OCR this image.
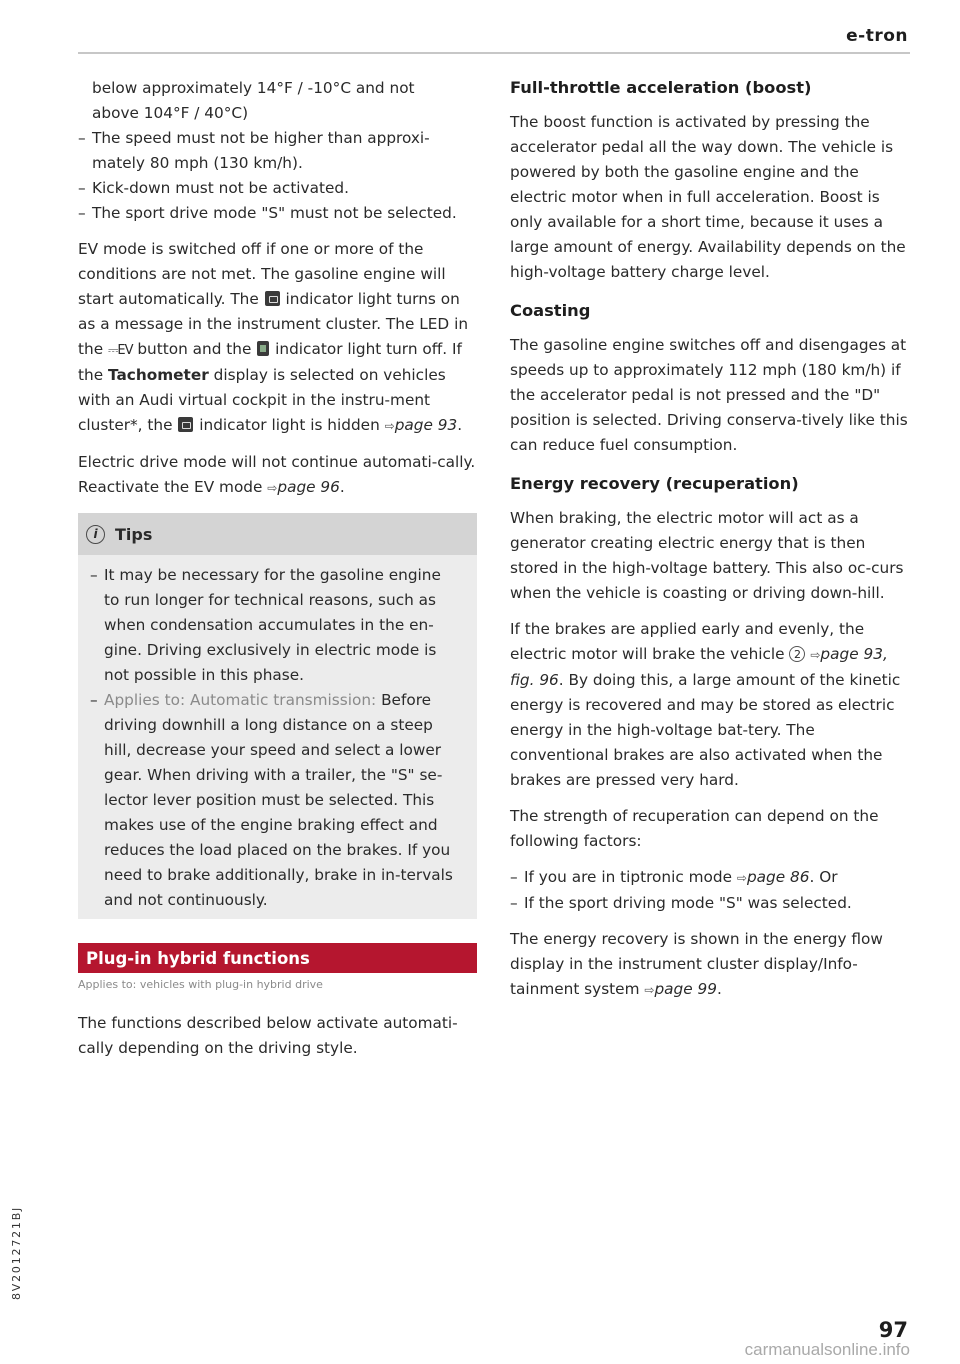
e-tron

below approximately 14°F / -10°C and not
above 104°F / 40°C)

– The speed must not be higher than approxi-mately 80 mph (130 km/h).
– Kick-down must not be activated.
– The sport drive mode "S" must not be selected.

EV mode is switched off if one or more of the conditions are not met. The gasoline engine will start automatically. The indicator light turns on as a message in the instrument cluster. The LED in the ⎓EV button and the indicator light turn off. If the Tachometer display is selected on vehicles with an Audi virtual cockpit in the instru-ment cluster*, the indicator light is hidden ⇨page 93.

Electric drive mode will not continue automati-cally. Reactivate the EV mode ⇨page 96.

i	Tips
– It may be necessary for the gasoline engine to run longer for technical reasons, such as when condensation accumulates in the en-gine. Driving exclusively in electric mode is not possible in this phase.
– Applies to: Automatic transmission: Before driving downhill a long distance on a steep hill, decrease your speed and select a lower gear. When driving with a trailer, the "S" se-lector lever position must be selected. This makes use of the engine braking effect and reduces the load placed on the brakes. If you need to brake additionally, brake in in-tervals and not continuously.
Plug-in hybrid functions
Applies to: vehicles with plug-in hybrid drive

The functions described below activate automati-cally depending on the driving style.

Full-throttle acceleration (boost)

The boost function is activated by pressing the accelerator pedal all the way down. The vehicle is powered by both the gasoline engine and the electric motor when in full acceleration. Boost is only available for a short time, because it uses a large amount of energy. Availability depends on the high-voltage battery charge level.

Coasting

The gasoline engine switches off and disengages at speeds up to approximately 112 mph (180 km/h) if the accelerator pedal is not pressed and the "D" position is selected. Driving conserva-tively like this can reduce fuel consumption.

Energy recovery (recuperation)

When braking, the electric motor will act as a generator creating electric energy that is then stored in the high-voltage battery. This also oc-curs when the vehicle is coasting or driving down-hill.

If the brakes are applied early and evenly, the electric motor will brake the vehicle 2 ⇨page 93, fig. 96. By doing this, a large amount of the kinetic energy is recovered and may be stored as electric energy in the high-voltage bat-tery. The conventional brakes are also activated when the brakes are pressed very hard.

The strength of recuperation can depend on the following factors:

– If you are in tiptronic mode ⇨page 86. Or
– If the sport driving mode "S" was selected.

The energy recovery is shown in the energy flow display in the instrument cluster display/Info-tainment system ⇨page 99.

8V2012721BJ
97
carmanualsonline.info
